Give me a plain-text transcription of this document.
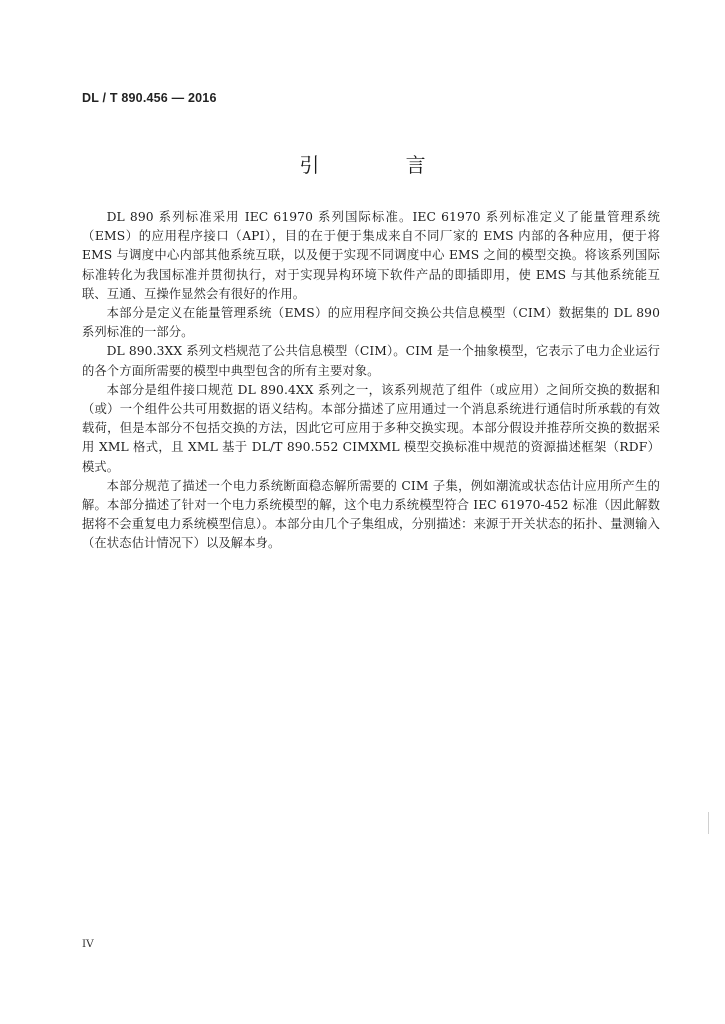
DL / T 890.456 — 2016
引 言

DL 890 系列标准采用 IEC 61970 系列国际标准。IEC 61970 系列标准定义了能量管理系统（EMS）的应用程序接口（API），目的在于便于集成来自不同厂家的 EMS 内部的各种应用，便于将 EMS 与调度中心内部其他系统互联，以及便于实现不同调度中心 EMS 之间的模型交换。将该系列国际标准转化为我国标准并贯彻执行，对于实现异构环境下软件产品的即插即用，使 EMS 与其他系统能互联、互通、互操作显然会有很好的作用。

本部分是定义在能量管理系统（EMS）的应用程序间交换公共信息模型（CIM）数据集的 DL 890 系列标准的一部分。

DL 890.3XX 系列文档规范了公共信息模型（CIM）。CIM 是一个抽象模型，它表示了电力企业运行的各个方面所需要的模型中典型包含的所有主要对象。

本部分是组件接口规范 DL 890.4XX 系列之一，该系列规范了组件（或应用）之间所交换的数据和（或）一个组件公共可用数据的语义结构。本部分描述了应用通过一个消息系统进行通信时所承载的有效载荷，但是本部分不包括交换的方法，因此它可应用于多种交换实现。本部分假设并推荐所交换的数据采用 XML 格式，且 XML 基于 DL/T 890.552 CIMXML 模型交换标准中规范的资源描述框架（RDF）模式。

本部分规范了描述一个电力系统断面稳态解所需要的 CIM 子集，例如潮流或状态估计应用所产生的解。本部分描述了针对一个电力系统模型的解，这个电力系统模型符合 IEC 61970-452 标准（因此解数据将不会重复电力系统模型信息）。本部分由几个子集组成，分别描述：来源于开关状态的拓扑、量测输入（在状态估计情况下）以及解本身。

IV
